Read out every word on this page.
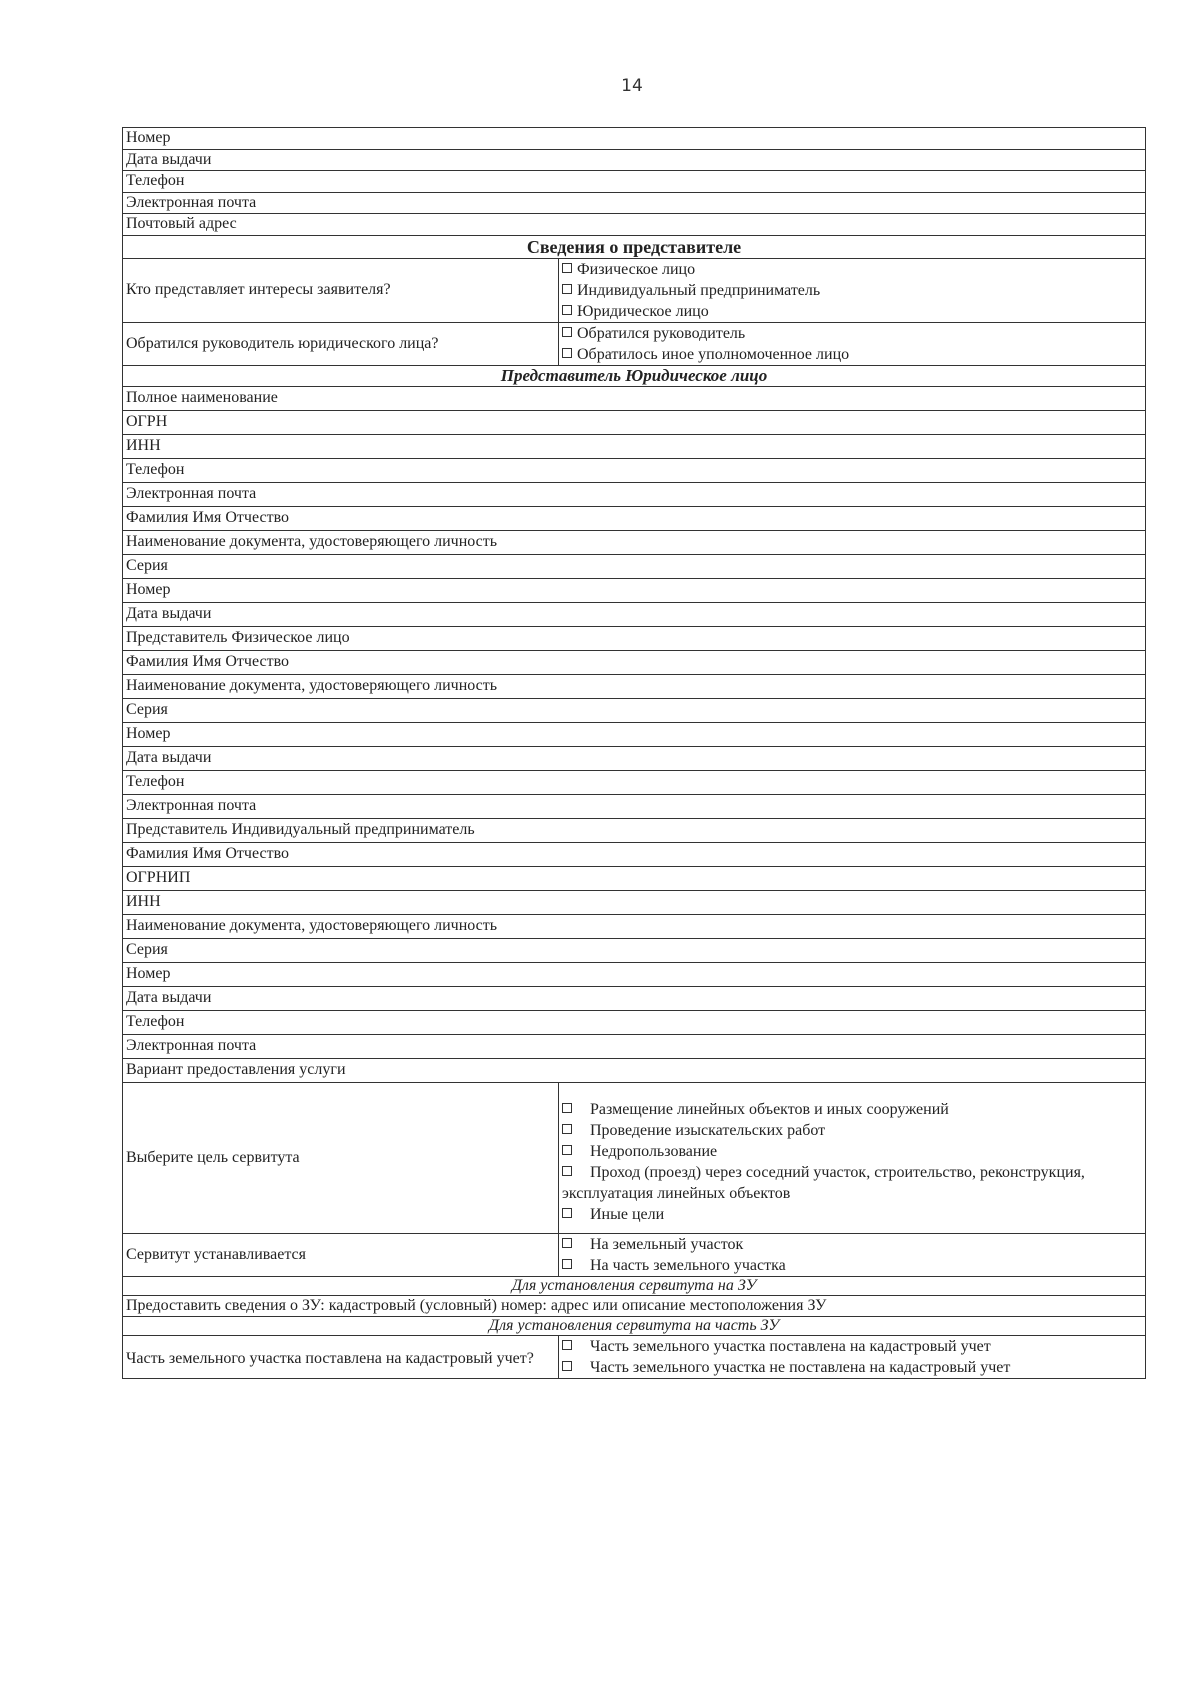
14
Номер	
Дата выдачи	
Телефон	
Электронная почта	
Почтовый адрес	
Сведения о представителе	
Кто представляет интересы заявителя?	Физическое лицо
Индивидуальный предприниматель
Юридическое лицо

Обратился руководитель юридического лица?	Обратился руководитель
Обратилось иное уполномоченное лицо

Представитель Юридическое лицо	
Полное наименование	
ОГРН	
ИНН	
Телефон	
Электронная почта	
Фамилия Имя Отчество	
Наименование документа, удостоверяющего личность	
Серия	
Номер	
Дата выдачи	
Представитель Физическое лицо	
Фамилия Имя Отчество	
Наименование документа, удостоверяющего личность	
Серия	
Номер	
Дата выдачи	
Телефон	
Электронная почта	
Представитель Индивидуальный предприниматель	
Фамилия Имя Отчество	
ОГРНИП	
ИНН	
Наименование документа, удостоверяющего личность	
Серия	
Номер	
Дата выдачи	
Телефон	
Электронная почта	
Вариант предоставления услуги	
Выберите цель сервитута	Размещение линейных объектов и иных сооружений
Проведение изыскательских работ
Недропользование
Проход (проезд) через соседний участок, строительство, реконструкция, эксплуатация линейных объектов
Иные цели

Сервитут устанавливается	На земельный участок
На часть земельного участка

Для установления сервитута на ЗУ	
Предоставить сведения о ЗУ: кадастровый (условный) номер: адрес или описание местоположения ЗУ	
Для установления сервитута на часть ЗУ	
Часть земельного участка поставлена на кадастровый учет?	Часть земельного участка поставлена на кадастровый учет
Часть земельного участка не поставлена на кадастровый учет
